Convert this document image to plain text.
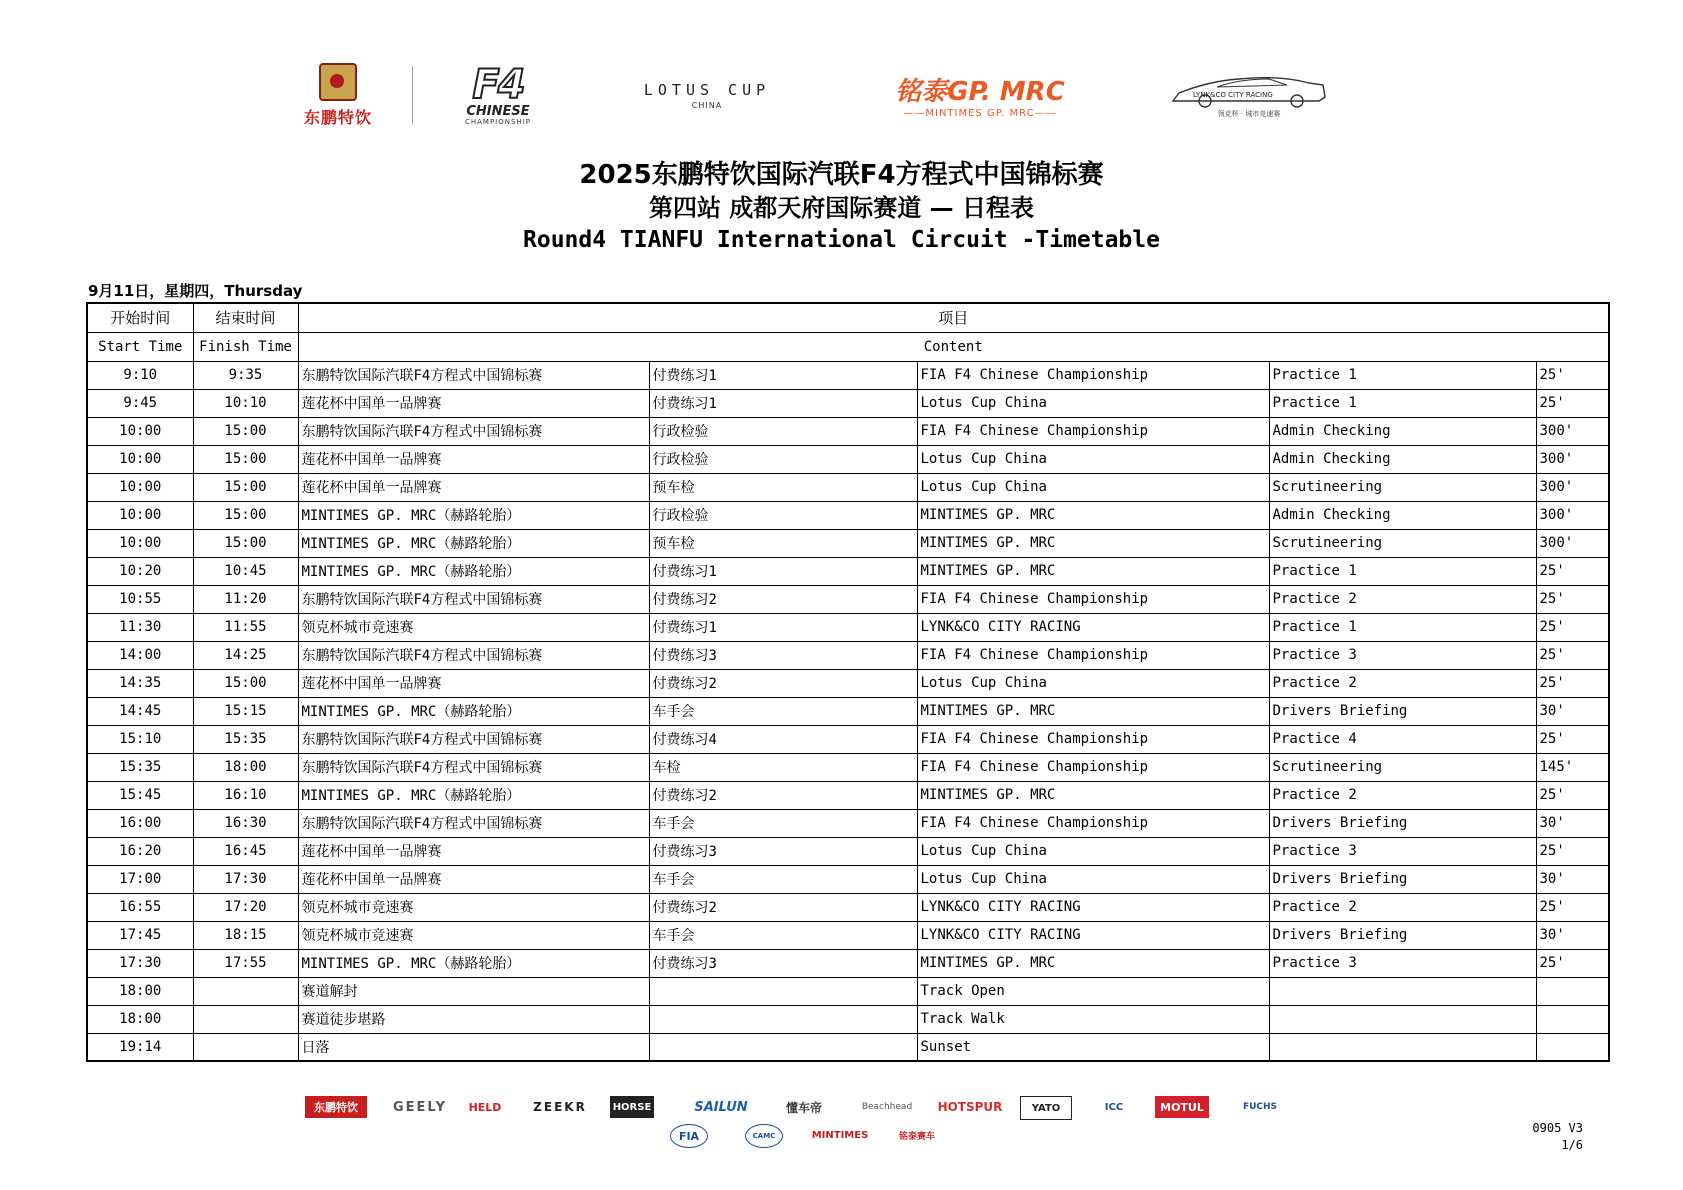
东鹏特饮
F4
CHINESE
CHAMPIONSHIP
LOTUS CUP
CHINA	铭泰GP. MRC
——MINTIMES GP. MRC——
LYNK&CO CITY RACING
领克杯 · 城市竞速赛
2025东鹏特饮国际汽联F4方程式中国锦标赛
第四站 成都天府国际赛道 — 日程表
Round4 TIANFU International Circuit -Timetable
9月11日，星期四，Thursday
开始时间	结束时间	项目				
Start Time	Finish Time	Content				
9:10	9:35	东鹏特饮国际汽联F4方程式中国锦标赛	付费练习1	FIA F4 Chinese Championship	Practice 1	25'
9:45	10:10	莲花杯中国单一品牌赛	付费练习1	Lotus Cup China	Practice 1	25'
10:00	15:00	东鹏特饮国际汽联F4方程式中国锦标赛	行政检验	FIA F4 Chinese Championship	Admin Checking	300'
10:00	15:00	莲花杯中国单一品牌赛	行政检验	Lotus Cup China	Admin Checking	300'
10:00	15:00	莲花杯中国单一品牌赛	预车检	Lotus Cup China	Scrutineering	300'
10:00	15:00	MINTIMES GP. MRC（赫路轮胎）	行政检验	MINTIMES GP. MRC	Admin Checking	300'
10:00	15:00	MINTIMES GP. MRC（赫路轮胎）	预车检	MINTIMES GP. MRC	Scrutineering	300'
10:20	10:45	MINTIMES GP. MRC（赫路轮胎）	付费练习1	MINTIMES GP. MRC	Practice 1	25'
10:55	11:20	东鹏特饮国际汽联F4方程式中国锦标赛	付费练习2	FIA F4 Chinese Championship	Practice 2	25'
11:30	11:55	领克杯城市竞速赛	付费练习1	LYNK&CO CITY RACING	Practice 1	25'
14:00	14:25	东鹏特饮国际汽联F4方程式中国锦标赛	付费练习3	FIA F4 Chinese Championship	Practice 3	25'
14:35	15:00	莲花杯中国单一品牌赛	付费练习2	Lotus Cup China	Practice 2	25'
14:45	15:15	MINTIMES GP. MRC（赫路轮胎）	车手会	MINTIMES GP. MRC	Drivers Briefing	30'
15:10	15:35	东鹏特饮国际汽联F4方程式中国锦标赛	付费练习4	FIA F4 Chinese Championship	Practice 4	25'
15:35	18:00	东鹏特饮国际汽联F4方程式中国锦标赛	车检	FIA F4 Chinese Championship	Scrutineering	145'
15:45	16:10	MINTIMES GP. MRC（赫路轮胎）	付费练习2	MINTIMES GP. MRC	Practice 2	25'
16:00	16:30	东鹏特饮国际汽联F4方程式中国锦标赛	车手会	FIA F4 Chinese Championship	Drivers Briefing	30'
16:20	16:45	莲花杯中国单一品牌赛	付费练习3	Lotus Cup China	Practice 3	25'
17:00	17:30	莲花杯中国单一品牌赛	车手会	Lotus Cup China	Drivers Briefing	30'
16:55	17:20	领克杯城市竞速赛	付费练习2	LYNK&CO CITY RACING	Practice 2	25'
17:45	18:15	领克杯城市竞速赛	车手会	LYNK&CO CITY RACING	Drivers Briefing	30'
17:30	17:55	MINTIMES GP. MRC（赫路轮胎）	付费练习3	MINTIMES GP. MRC	Practice 3	25'
18:00		赛道解封		Track Open		
18:00		赛道徒步堪路		Track Walk		
19:14		日落		Sunset		
东鹏特饮	GEELY	HELD	ZEEKR	HORSE	SAILUN	懂车帝	Beachhead	HOTSPUR	YATO	ICC	MOTUL	FUCHS
FIA	CAMC	MINTIMES	铭泰赛车
0905 V3
1/6
